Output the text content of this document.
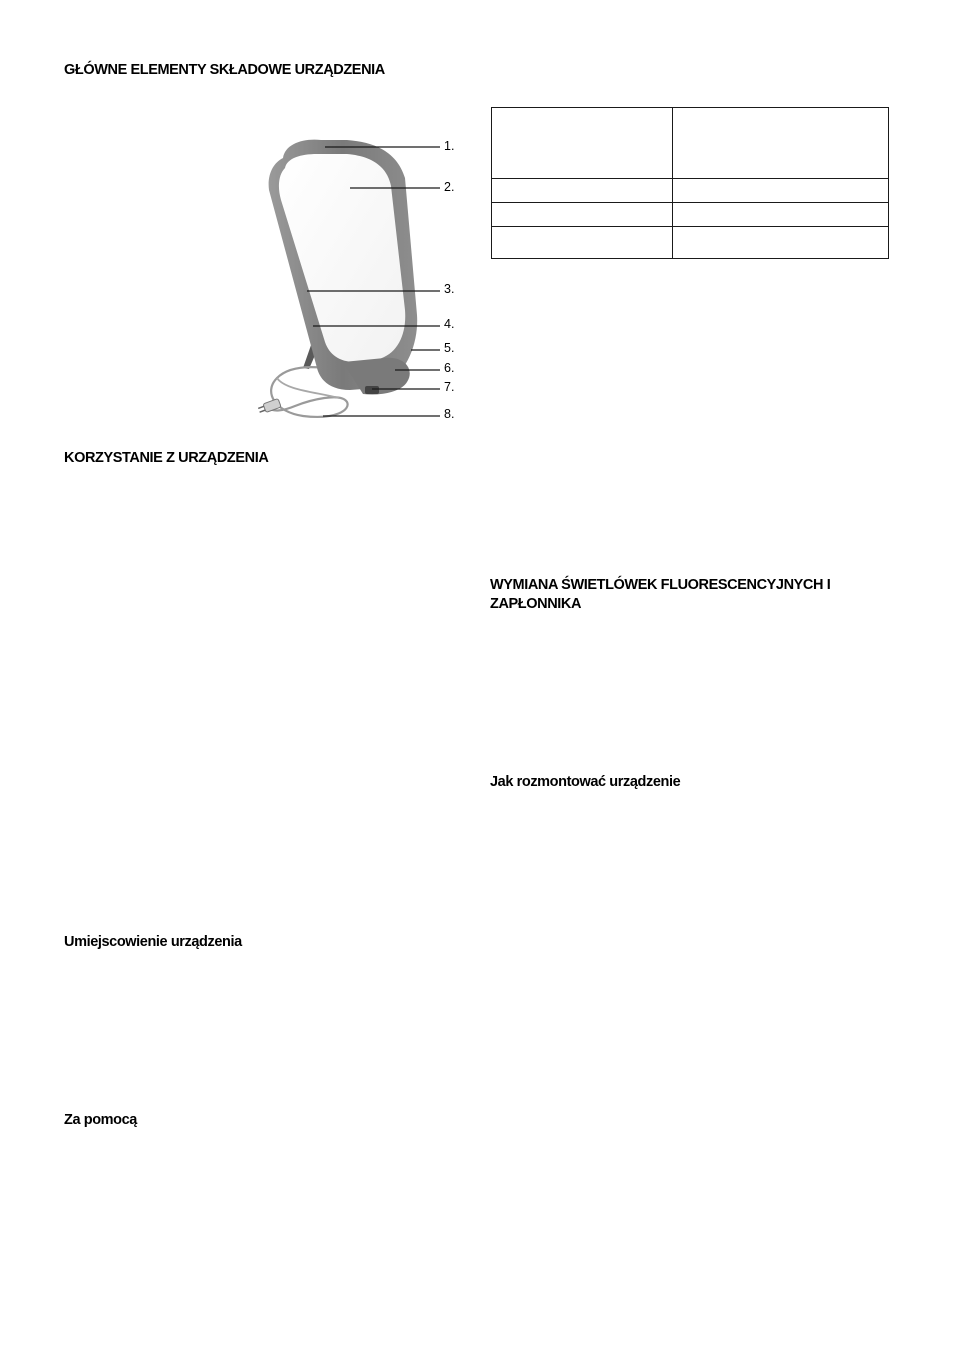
GŁÓWNE ELEMENTY SKŁADOWE URZĄDZENIA
1.
2.
3.
4.
5.
6.
7.
8.
KORZYSTANIE Z URZĄDZENIA
Umiejscowienie urządzenia
Za pomocą

WYMIANA ŚWIETLÓWEK FLUORESCENCYJNYCH I ZAPŁONNIKA
Jak rozmontować urządzenie
